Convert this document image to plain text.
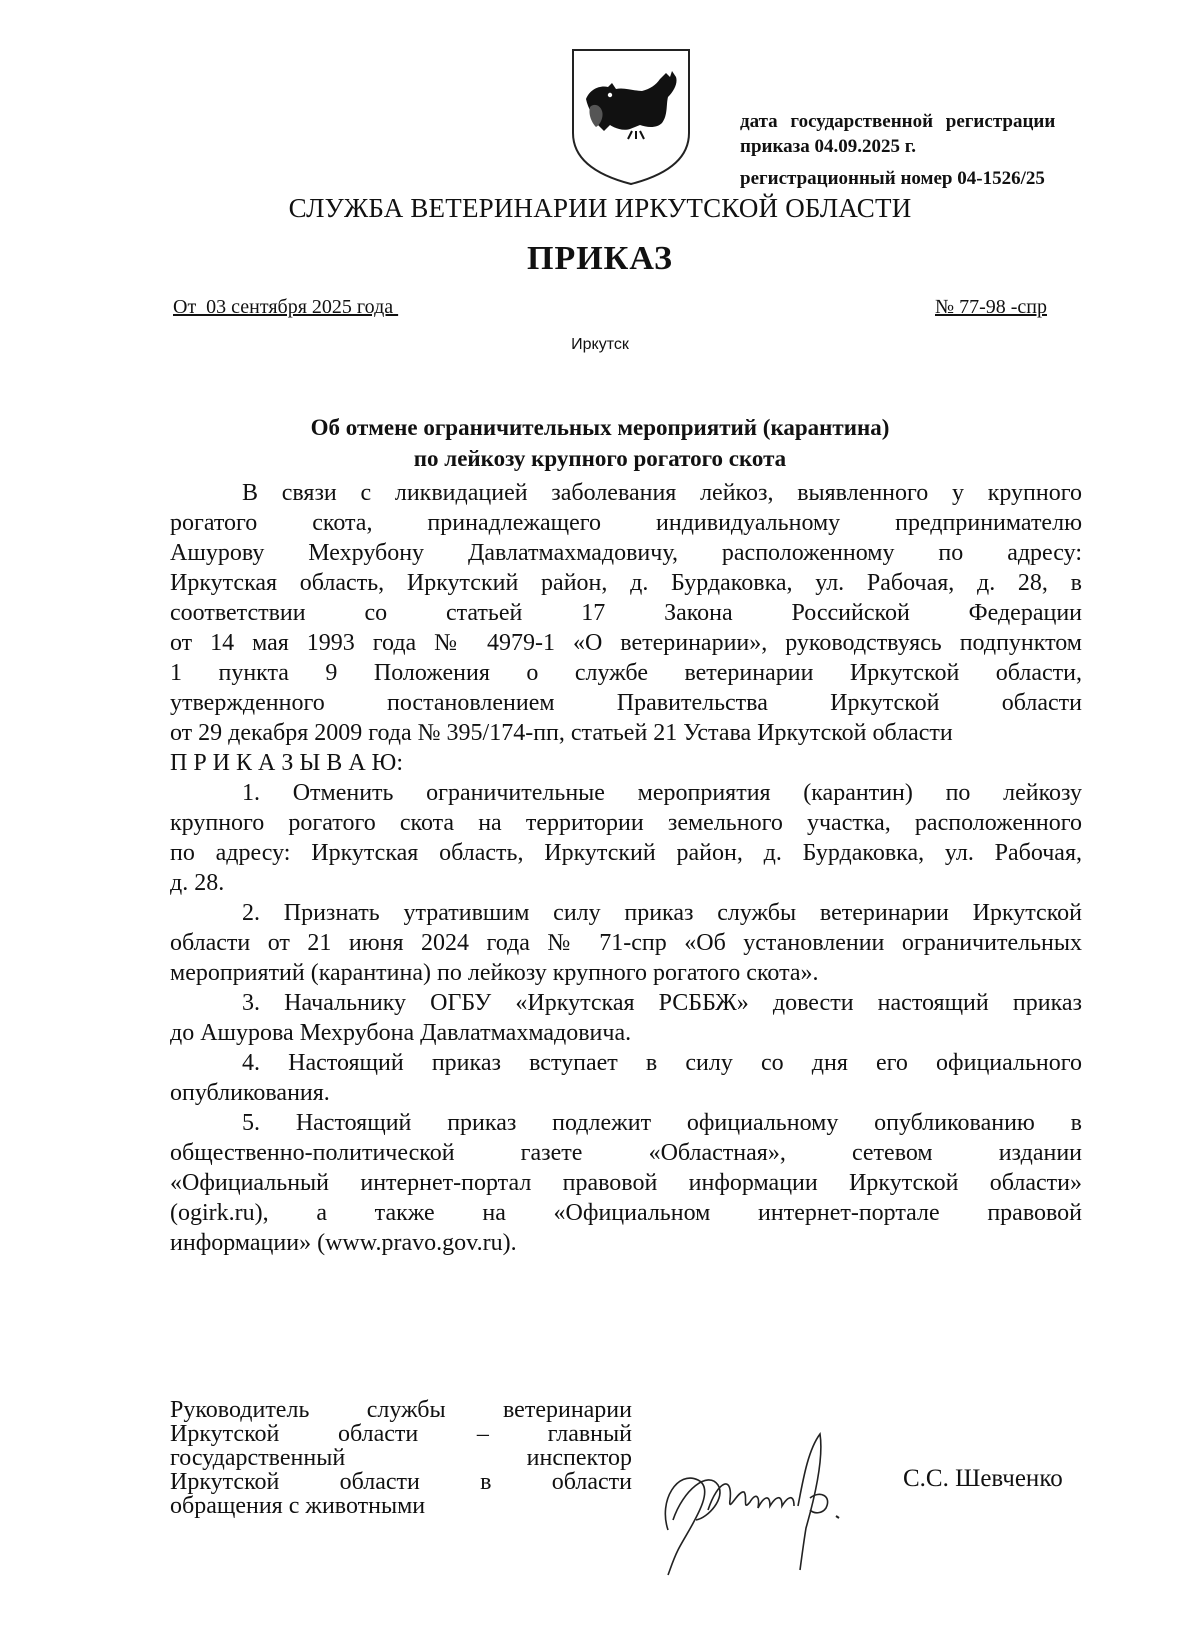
дата государственной регистрации
приказа 04.09.2025 г.
регистрационный номер 04-1526/25
СЛУЖБА ВЕТЕРИНАРИИ ИРКУТСКОЙ ОБЛАСТИ
ПРИКАЗ
От  03 сентября 2025 года	№ 77-98 -спр
Иркутск
Об отмене ограничительных мероприятий (карантина)
по лейкозу крупного рогатого скота
В связи с ликвидацией заболевания лейкоз, выявленного у крупного
рогатого скота, принадлежащего индивидуальному предпринимателю
Ашурову Мехрубону Давлатмахмадовичу, расположенному по адресу:
Иркутская область, Иркутский район, д. Бурдаковка, ул. Рабочая, д. 28, в
соответствии со статьей 17 Закона Российской Федерации
от 14 мая 1993 года № 4979-1 «О ветеринарии», руководствуясь подпунктом
1 пункта 9 Положения о службе ветеринарии Иркутской области,
утвержденного постановлением Правительства Иркутской области
от 29 декабря 2009 года № 395/174-пп, статьей 21 Устава Иркутской области
П Р И К А З Ы В А Ю:
1. Отменить ограничительные мероприятия (карантин) по лейкозу
крупного рогатого скота на территории земельного участка, расположенного
по адресу: Иркутская область, Иркутский район, д. Бурдаковка, ул. Рабочая,
д. 28.
2. Признать утратившим силу приказ службы ветеринарии Иркутской
области от 21 июня 2024 года № 71-спр «Об установлении ограничительных
мероприятий (карантина) по лейкозу крупного рогатого скота».
3. Начальнику ОГБУ «Иркутская РСББЖ» довести настоящий приказ
до Ашурова Мехрубона Давлатмахмадовича.
4. Настоящий приказ вступает в силу со дня его официального
опубликования.
5. Настоящий приказ подлежит официальному опубликованию в
общественно-политической газете «Областная», сетевом издании
«Официальный интернет-портал правовой информации Иркутской области»
(ogirk.ru), а также на «Официальном интернет-портале правовой
информации» (www.pravo.gov.ru).
Руководитель службы ветеринарии
Иркутской области – главный
государственный инспектор
Иркутской области в области
обращения с животными
С.С. Шевченко
